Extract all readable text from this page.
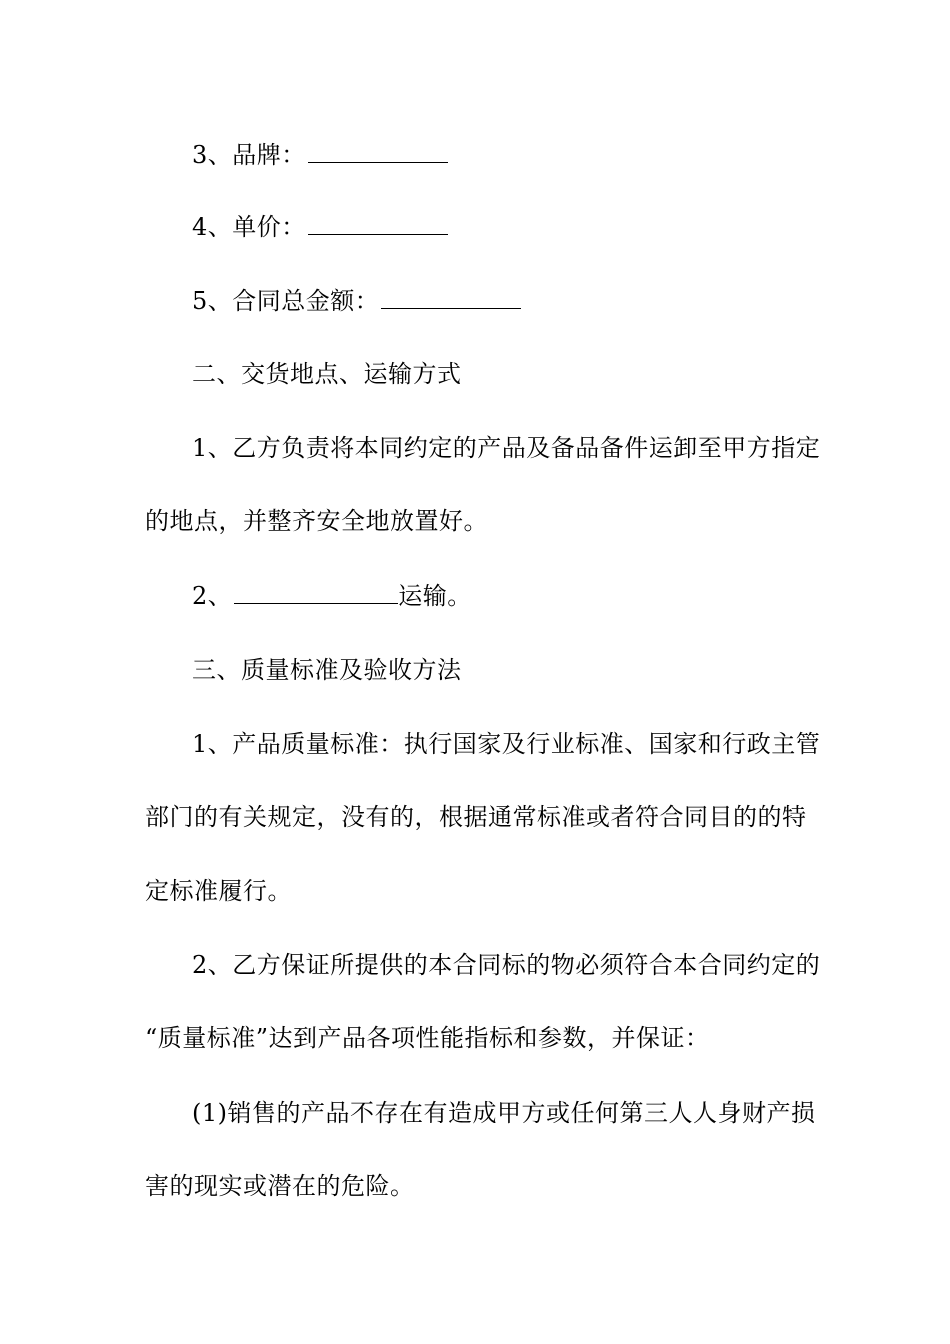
3、品牌：
4、单价：
5、合同总金额：
二、交货地点、运输方式
1、乙方负责将本同约定的产品及备品备件运卸至甲方指定
的地点，并整齐安全地放置好。
2、	运输。
三、质量标准及验收方法
1、产品质量标准：执行国家及行业标准、国家和行政主管
部门的有关规定，没有的，根据通常标准或者符合同目的的特
定标准履行。
2、乙方保证所提供的本合同标的物必须符合本合同约定的
“质量标准”达到产品各项性能指标和参数，并保证：
(1)销售的产品不存在有造成甲方或任何第三人人身财产损
害的现实或潜在的危险。
